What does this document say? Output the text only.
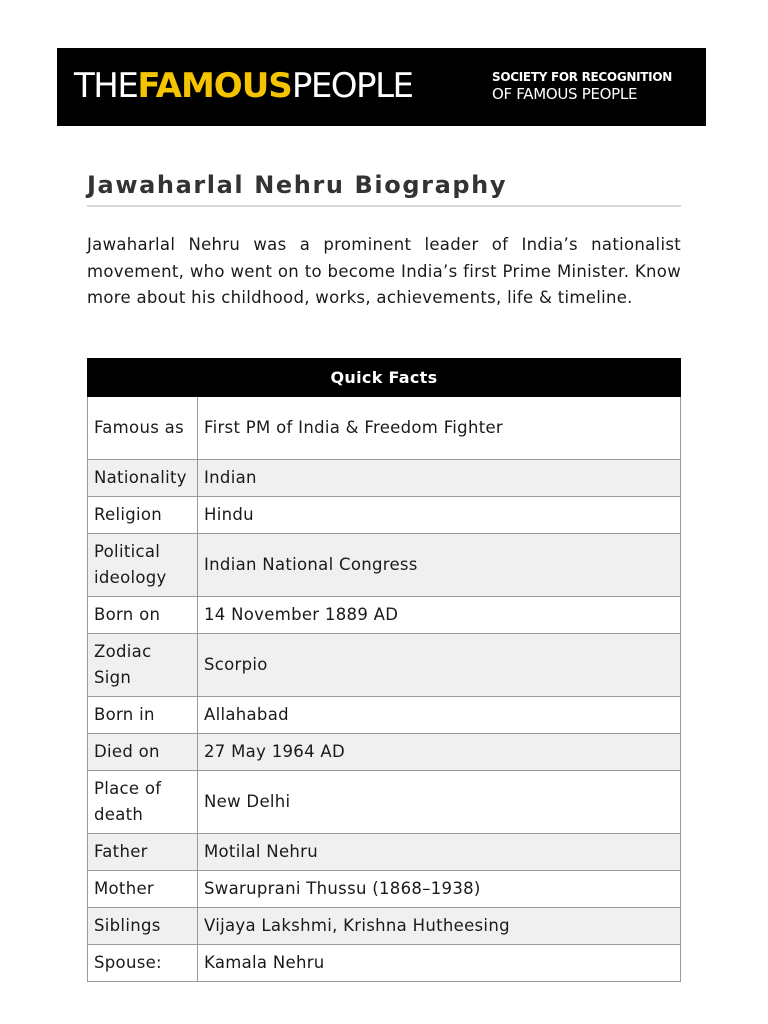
THEFAMOUSPEOPLE	SOCIETY FOR RECOGNITION
OF FAMOUS PEOPLE
Jawaharlal Nehru Biography

Jawaharlal Nehru was a prominent leader of India’s nationalist movement, who went on to become India’s first Prime Minister. Know more about his childhood, works, achievements, life & timeline.

Quick Facts	
Famous as	First PM of India & Freedom Fighter
Nationality	Indian
Religion	Hindu
Political ideology	Indian National Congress
Born on	14 November 1889 AD
Zodiac Sign	Scorpio
Born in	Allahabad
Died on	27 May 1964 AD
Place of death	New Delhi
Father	Motilal Nehru
Mother	Swaruprani Thussu (1868–1938)
Siblings	Vijaya Lakshmi, Krishna Hutheesing
Spouse:	Kamala Nehru
